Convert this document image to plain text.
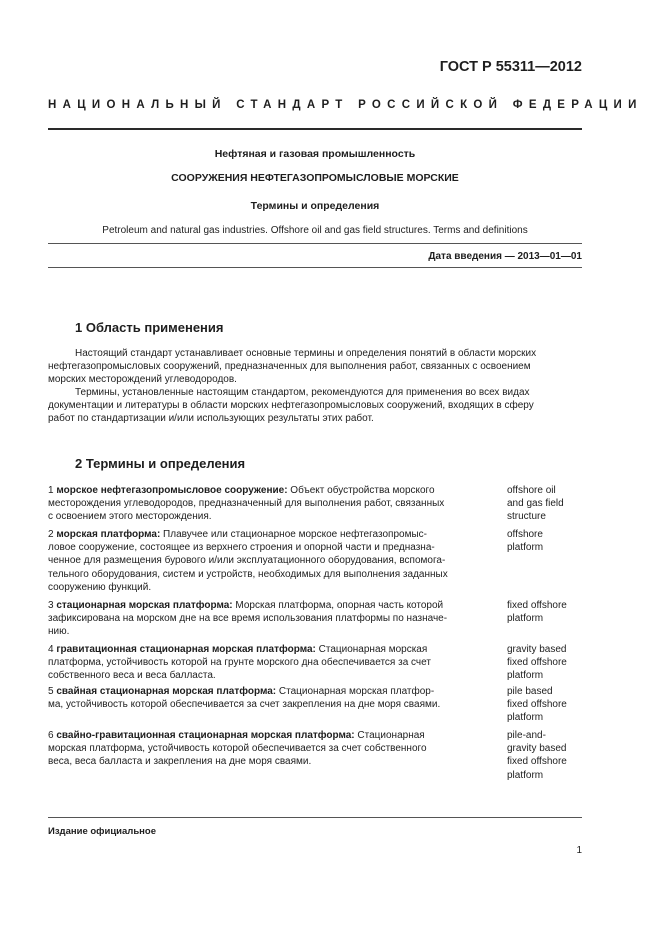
ГОСТ Р 55311—2012
НАЦИОНАЛЬНЫЙ СТАНДАРТ РОССИЙСКОЙ ФЕДЕРАЦИИ
Нефтяная и газовая промышленность
СООРУЖЕНИЯ НЕФТЕГАЗОПРОМЫСЛОВЫЕ МОРСКИЕ
Термины и определения
Petroleum and natural gas industries. Offshore oil and gas field structures. Terms and definitions
Дата введения — 2013—01—01
1 Область применения
Настоящий стандарт устанавливает основные термины и определения понятий в области морских
нефтегазопромысловых сооружений, предназначенных для выполнения работ, связанных с освоением
морских месторождений углеводородов.
Термины, установленные настоящим стандартом, рекомендуются для применения во всех видах
документации и литературы в области морских нефтегазопромысловых сооружений, входящих в сферу
работ по стандартизации и/или использующих результаты этих работ.
2 Термины и определения
1 морское нефтегазопромысловое сооружение: Объект обустройства морского
месторождения углеводородов, предназначенный для выполнения работ, связанных
с освоением этого месторождения.
offshore oil
and gas field
structure
2 морская платформа: Плавучее или стационарное морское нефтегазопромыс-
ловое сооружение, состоящее из верхнего строения и опорной части и предназна-
ченное для размещения бурового и/или эксплуатационного оборудования, вспомога-
тельного оборудования, систем и устройств, необходимых для выполнения заданных
сооружению функций.
offshore
platform
3 стационарная морская платформа: Морская платформа, опорная часть которой
зафиксирована на морском дне на все время использования платформы по назначе-
нию.
fixed offshore
platform
4 гравитационная стационарная морская платформа: Стационарная морская
платформа, устойчивость которой на грунте морского дна обеспечивается за счет
собственного веса и веса балласта.
gravity based
fixed offshore
platform
5 свайная стационарная морская платформа: Стационарная морская платфор-
ма, устойчивость которой обеспечивается за счет закрепления на дне моря сваями.
pile based
fixed offshore
platform
6 свайно-гравитационная стационарная морская платформа: Стационарная
морская платформа, устойчивость которой обеспечивается за счет собственного
веса, веса балласта и закрепления на дне моря сваями.
pile-and-
gravity based
fixed offshore
platform
Издание официальное
1
